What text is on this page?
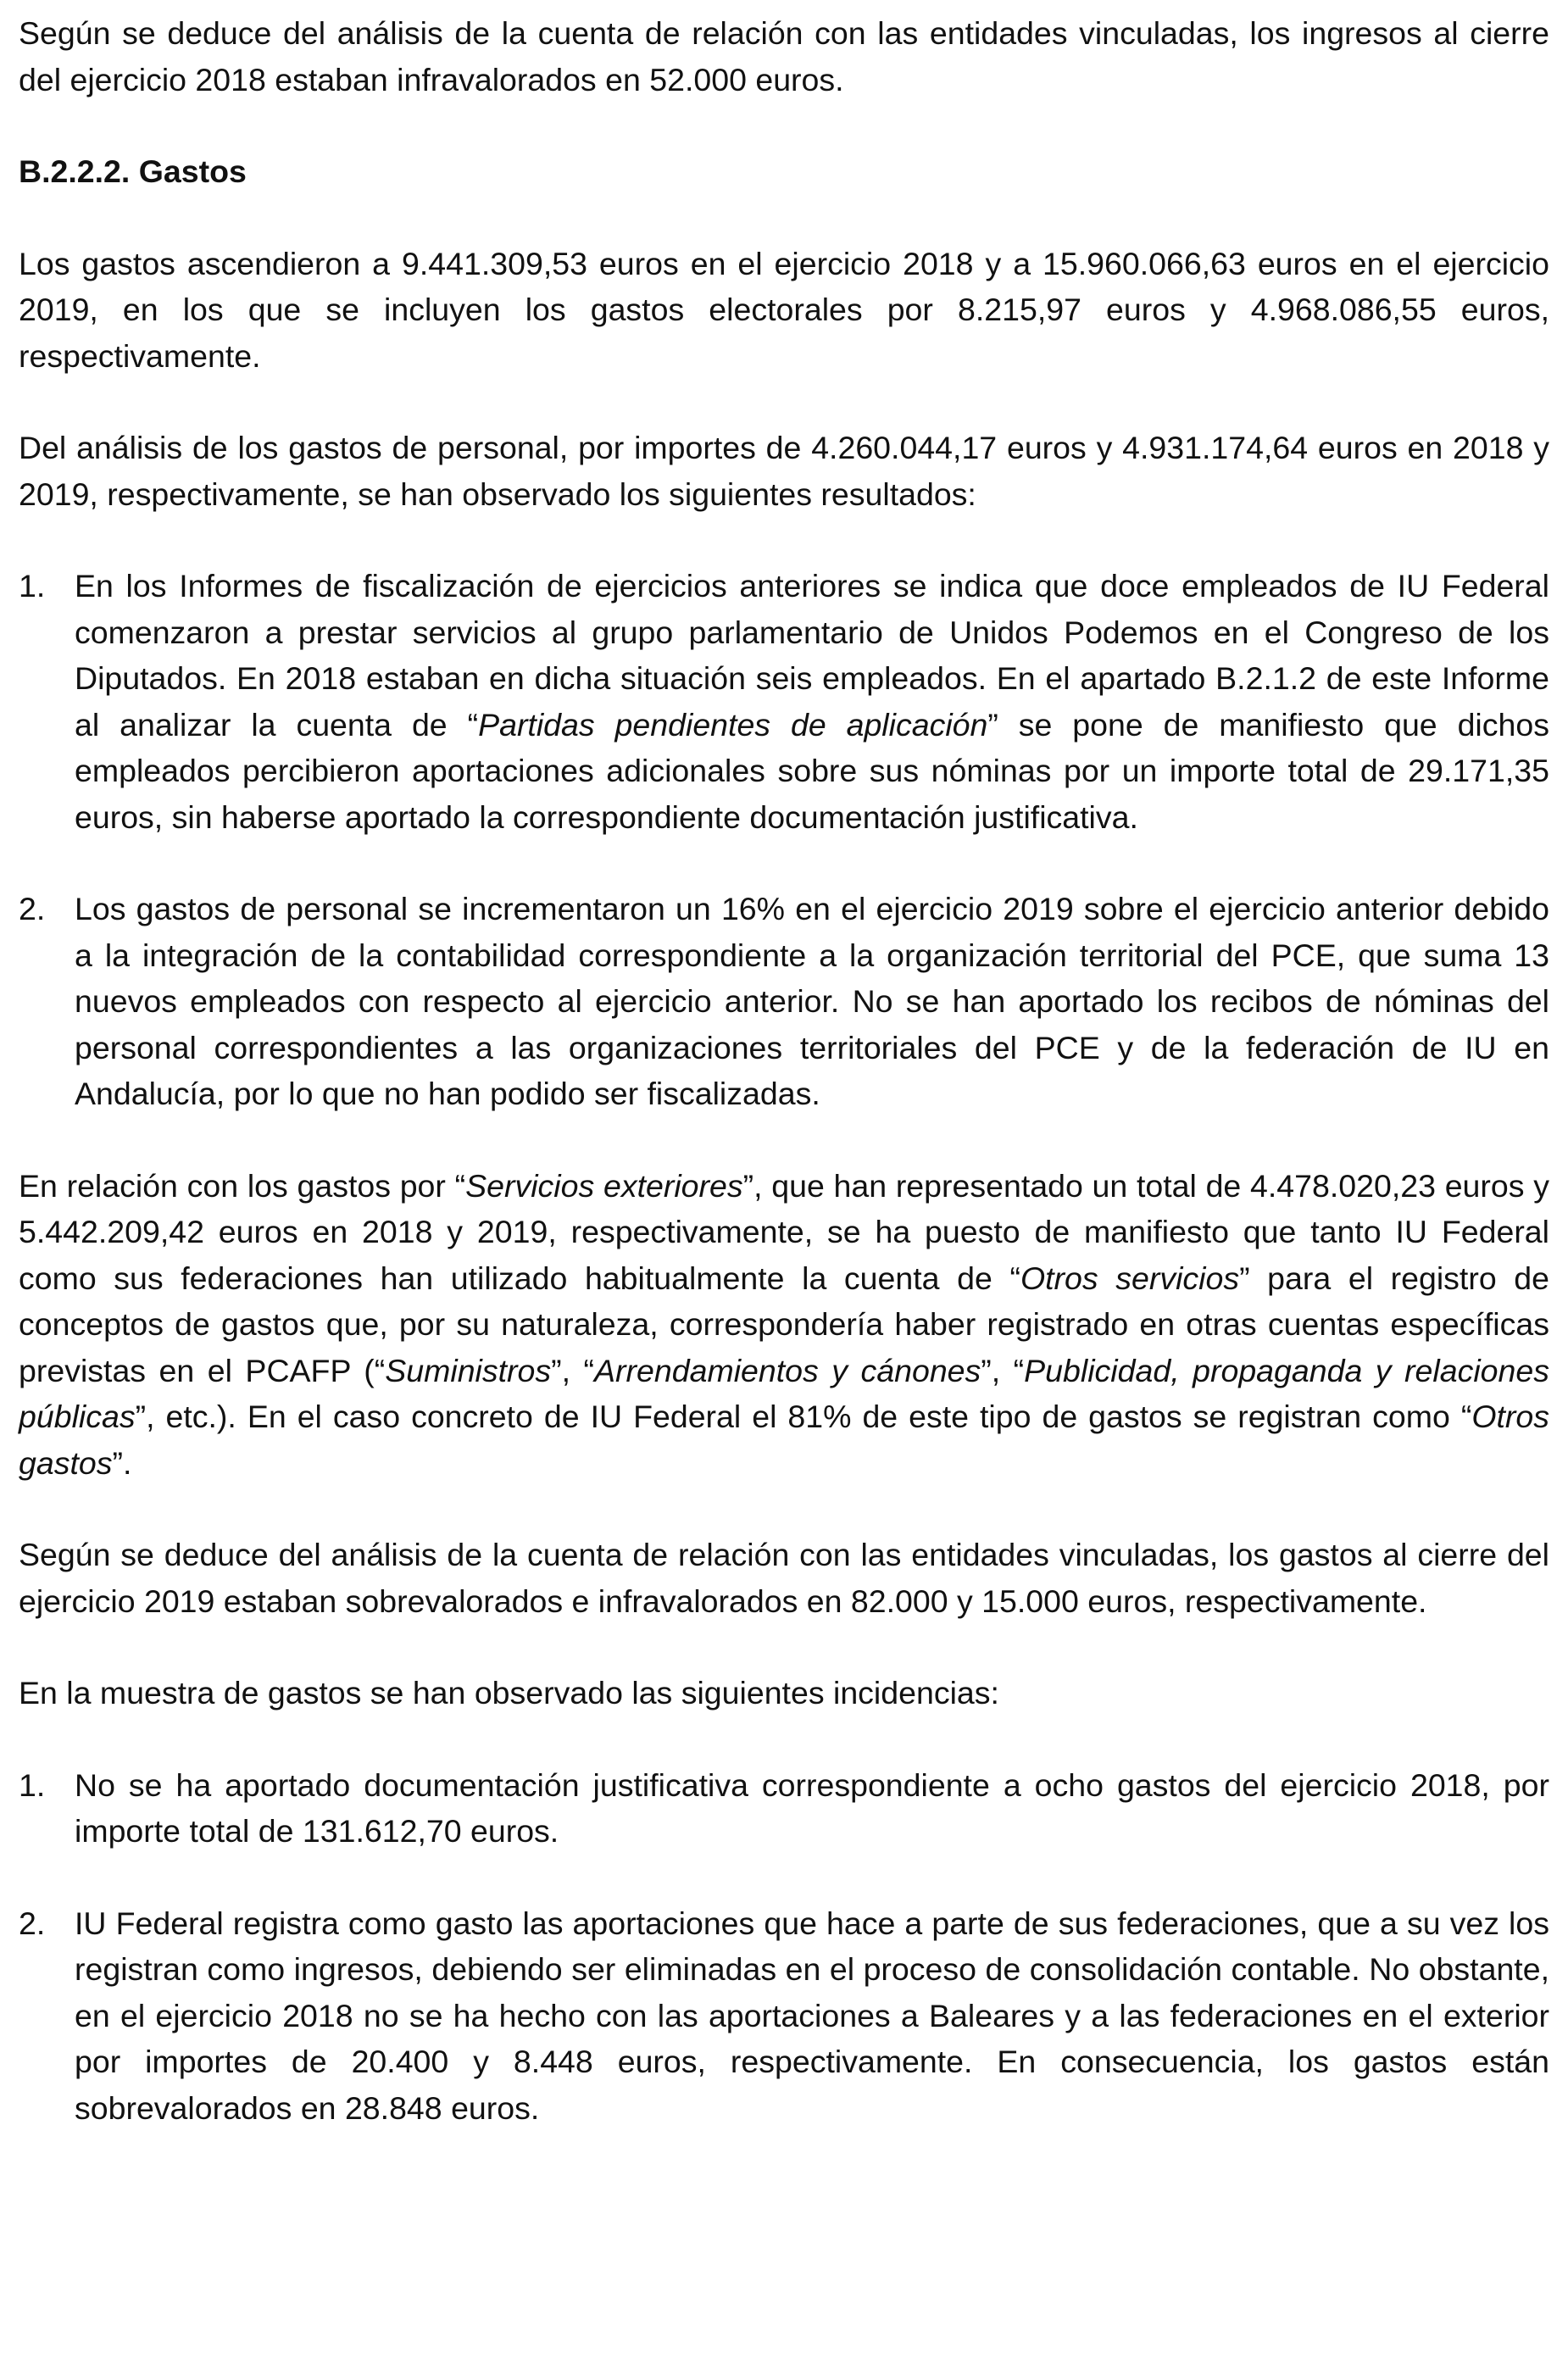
Según se deduce del análisis de la cuenta de relación con las entidades vinculadas, los ingresos al cierre del ejercicio 2018 estaban infravalorados en 52.000 euros.

B.2.2.2. Gastos

Los gastos ascendieron a 9.441.309,53 euros en el ejercicio 2018 y a 15.960.066,63 euros en el ejercicio 2019, en los que se incluyen los gastos electorales por 8.215,97 euros y 4.968.086,55 euros, respectivamente.

Del análisis de los gastos de personal, por importes de 4.260.044,17 euros y 4.931.174,64 euros en 2018 y 2019, respectivamente, se han observado los siguientes resultados:

1. En los Informes de fiscalización de ejercicios anteriores se indica que doce empleados de IU Federal comenzaron a prestar servicios al grupo parlamentario de Unidos Podemos en el Congreso de los Diputados. En 2018 estaban en dicha situación seis empleados. En el apartado B.2.1.2 de este Informe al analizar la cuenta de “Partidas pendientes de aplicación” se pone de manifiesto que dichos empleados percibieron aportaciones adicionales sobre sus nóminas por un importe total de 29.171,35 euros, sin haberse aportado la correspondiente documentación justificativa.
2. Los gastos de personal se incrementaron un 16% en el ejercicio 2019 sobre el ejercicio anterior debido a la integración de la contabilidad correspondiente a la organización territorial del PCE, que suma 13 nuevos empleados con respecto al ejercicio anterior. No se han aportado los recibos de nóminas del personal correspondientes a las organizaciones territoriales del PCE y de la federación de IU en Andalucía, por lo que no han podido ser fiscalizadas.

En relación con los gastos por “Servicios exteriores”, que han representado un total de 4.478.020,23 euros y 5.442.209,42 euros en 2018 y 2019, respectivamente, se ha puesto de manifiesto que tanto IU Federal como sus federaciones han utilizado habitualmente la cuenta de “Otros servicios” para el registro de conceptos de gastos que, por su naturaleza, correspondería haber registrado en otras cuentas específicas previstas en el PCAFP (“Suministros”, “Arrendamientos y cánones”, “Publicidad, propaganda y relaciones públicas”, etc.). En el caso concreto de IU Federal el 81% de este tipo de gastos se registran como “Otros gastos”.

Según se deduce del análisis de la cuenta de relación con las entidades vinculadas, los gastos al cierre del ejercicio 2019 estaban sobrevalorados e infravalorados en 82.000 y 15.000 euros, respectivamente.

En la muestra de gastos se han observado las siguientes incidencias:

1. No se ha aportado documentación justificativa correspondiente a ocho gastos del ejercicio 2018, por importe total de 131.612,70 euros.
2. IU Federal registra como gasto las aportaciones que hace a parte de sus federaciones, que a su vez los registran como ingresos, debiendo ser eliminadas en el proceso de consolidación contable. No obstante, en el ejercicio 2018 no se ha hecho con las aportaciones a Baleares y a las federaciones en el exterior por importes de 20.400 y 8.448 euros, respectivamente. En consecuencia, los gastos están sobrevalorados en 28.848 euros.
